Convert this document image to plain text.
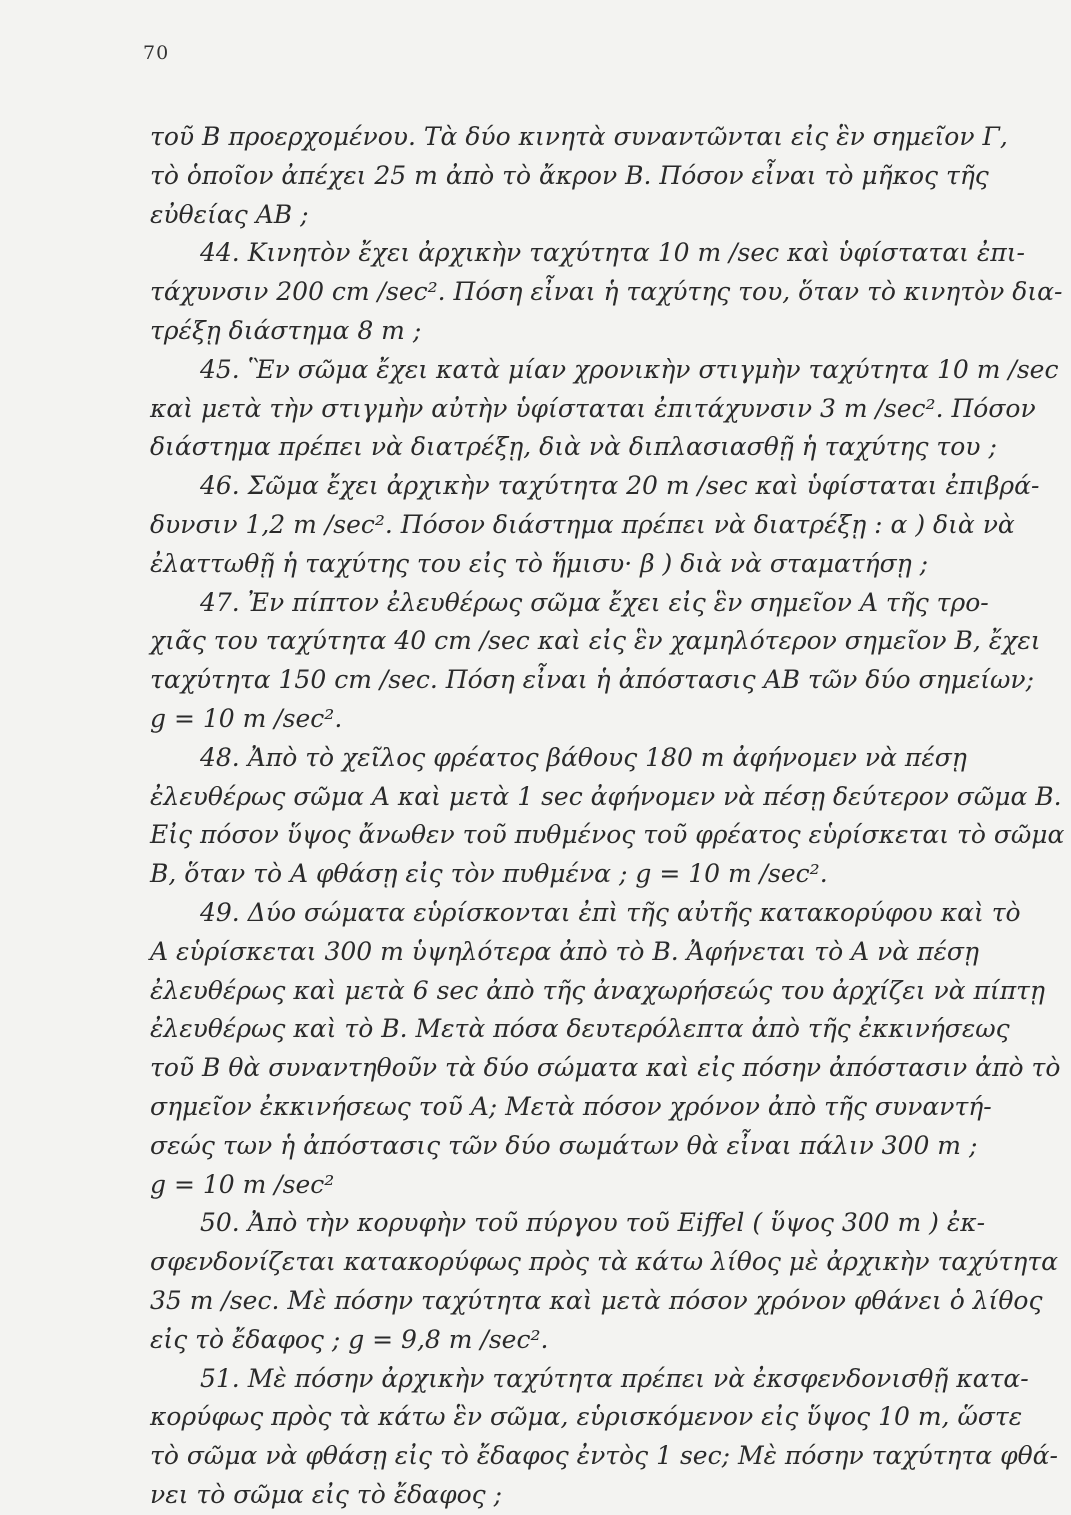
70
τοῦ Β προερχομένου. Τὰ δύο κινητὰ συναντῶνται εἰς ἓν σημεῖον Γ,
τὸ ὁποῖον ἀπέχει 25 m ἀπὸ τὸ ἄκρον Β. Πόσον εἶναι τὸ μῆκος τῆς
εὐθείας ΑΒ ;
44. Κινητὸν ἔχει ἀρχικὴν ταχύτητα 10 m /sec καὶ ὑφίσταται ἐπι-
τάχυνσιν 200 cm /sec². Πόση εἶναι ἡ ταχύτης του, ὅταν τὸ κινητὸν δια-
τρέξῃ διάστημα 8 m ;
45. Ἓν σῶμα ἔχει κατὰ μίαν χρονικὴν στιγμὴν ταχύτητα 10 m /sec
καὶ μετὰ τὴν στιγμὴν αὐτὴν ὑφίσταται ἐπιτάχυνσιν 3 m /sec². Πόσον
διάστημα πρέπει νὰ διατρέξῃ, διὰ νὰ διπλασιασθῇ ἡ ταχύτης του ;
46. Σῶμα ἔχει ἀρχικὴν ταχύτητα 20 m /sec καὶ ὑφίσταται ἐπιβρά-
δυνσιν 1,2 m /sec². Πόσον διάστημα πρέπει νὰ διατρέξῃ : α ) διὰ νὰ
ἐλαττωθῇ ἡ ταχύτης του εἰς τὸ ἥμισυ· β ) διὰ νὰ σταματήσῃ ;
47. Ἐν πίπτον ἐλευθέρως σῶμα ἔχει εἰς ἓν σημεῖον Α τῆς τρο-
χιᾶς του ταχύτητα 40 cm /sec καὶ εἰς ἓν χαμηλότερον σημεῖον Β, ἔχει
ταχύτητα 150 cm /sec. Πόση εἶναι ἡ ἀπόστασις ΑΒ τῶν δύο σημείων;
g = 10 m /sec².
48. Ἀπὸ τὸ χεῖλος φρέατος βάθους 180 m ἀφήνομεν νὰ πέσῃ
ἐλευθέρως σῶμα Α καὶ μετὰ 1 sec ἀφήνομεν νὰ πέσῃ δεύτερον σῶμα Β.
Εἰς πόσον ὕψος ἄνωθεν τοῦ πυθμένος τοῦ φρέατος εὑρίσκεται τὸ σῶμα
Β, ὅταν τὸ Α φθάσῃ εἰς τὸν πυθμένα ; g = 10 m /sec².
49. Δύο σώματα εὑρίσκονται ἐπὶ τῆς αὐτῆς κατακορύφου καὶ τὸ
Α εὑρίσκεται 300 m ὑψηλότερα ἀπὸ τὸ Β. Ἀφήνεται τὸ Α νὰ πέσῃ
ἐλευθέρως καὶ μετὰ 6 sec ἀπὸ τῆς ἀναχωρήσεώς του ἀρχίζει νὰ πίπτῃ
ἐλευθέρως καὶ τὸ Β. Μετὰ πόσα δευτερόλεπτα ἀπὸ τῆς ἐκκινήσεως
τοῦ Β θὰ συναντηθοῦν τὰ δύο σώματα καὶ εἰς πόσην ἀπόστασιν ἀπὸ τὸ
σημεῖον ἐκκινήσεως τοῦ Α; Μετὰ πόσον χρόνον ἀπὸ τῆς συναντή-
σεώς των ἡ ἀπόστασις τῶν δύο σωμάτων θὰ εἶναι πάλιν 300 m ;
g = 10 m /sec²
50. Ἀπὸ τὴν κορυφὴν τοῦ πύργου τοῦ Eiffel ( ὕψος 300 m ) ἐκ-
σφενδονίζεται κατακορύφως πρὸς τὰ κάτω λίθος μὲ ἀρχικὴν ταχύτητα
35 m /sec. Μὲ πόσην ταχύτητα καὶ μετὰ πόσον χρόνον φθάνει ὁ λίθος
εἰς τὸ ἔδαφος ; g = 9,8 m /sec².
51. Μὲ πόσην ἀρχικὴν ταχύτητα πρέπει νὰ ἐκσφενδονισθῇ κατα-
κορύφως πρὸς τὰ κάτω ἓν σῶμα, εὑρισκόμενον εἰς ὕψος 10 m, ὥστε
τὸ σῶμα νὰ φθάσῃ εἰς τὸ ἔδαφος ἐντὸς 1 sec; Μὲ πόσην ταχύτητα φθά-
νει τὸ σῶμα εἰς τὸ ἔδαφος ;
